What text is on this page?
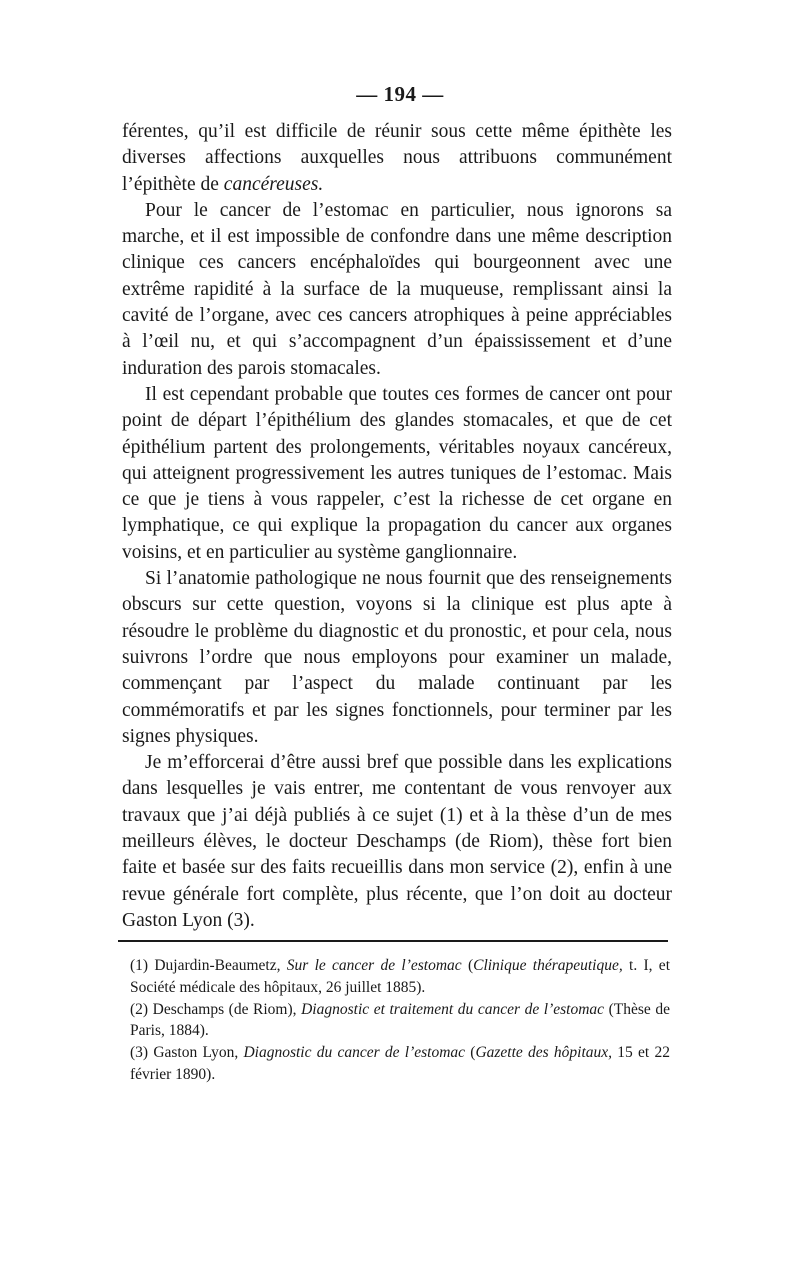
— 194 —

férentes, qu’il est difficile de réunir sous cette même épithète les diverses affections auxquelles nous attribuons communément l’épithète de cancéreuses.

Pour le cancer de l’estomac en particulier, nous ignorons sa marche, et il est impossible de confondre dans une même description clinique ces cancers encéphaloïdes qui bourgeonnent avec une extrême rapidité à la surface de la muqueuse, remplissant ainsi la cavité de l’organe, avec ces cancers atrophiques à peine appréciables à l’œil nu, et qui s’accompagnent d’un épaississement et d’une induration des parois stomacales.

Il est cependant probable que toutes ces formes de cancer ont pour point de départ l’épithélium des glandes stomacales, et que de cet épithélium partent des prolongements, véritables noyaux cancéreux, qui atteignent progressivement les autres tuniques de l’estomac. Mais ce que je tiens à vous rappeler, c’est la richesse de cet organe en lymphatique, ce qui explique la propagation du cancer aux organes voisins, et en particulier au système ganglionnaire.

Si l’anatomie pathologique ne nous fournit que des renseignements obscurs sur cette question, voyons si la clinique est plus apte à résoudre le problème du diagnostic et du pronostic, et pour cela, nous suivrons l’ordre que nous employons pour examiner un malade, commençant par l’aspect du malade continuant par les commémoratifs et par les signes fonctionnels, pour terminer par les signes physiques.

Je m’efforcerai d’être aussi bref que possible dans les explications dans lesquelles je vais entrer, me contentant de vous renvoyer aux travaux que j’ai déjà publiés à ce sujet (1) et à la thèse d’un de mes meilleurs élèves, le docteur Deschamps (de Riom), thèse fort bien faite et basée sur des faits recueillis dans mon service (2), enfin à une revue générale fort complète, plus récente, que l’on doit au docteur Gaston Lyon (3).

(1) Dujardin-Beaumetz, Sur le cancer de l’estomac (Clinique thérapeutique, t. I, et Société médicale des hôpitaux, 26 juillet 1885).

(2) Deschamps (de Riom), Diagnostic et traitement du cancer de l’estomac (Thèse de Paris, 1884).

(3) Gaston Lyon, Diagnostic du cancer de l’estomac (Gazette des hôpitaux, 15 et 22 février 1890).
